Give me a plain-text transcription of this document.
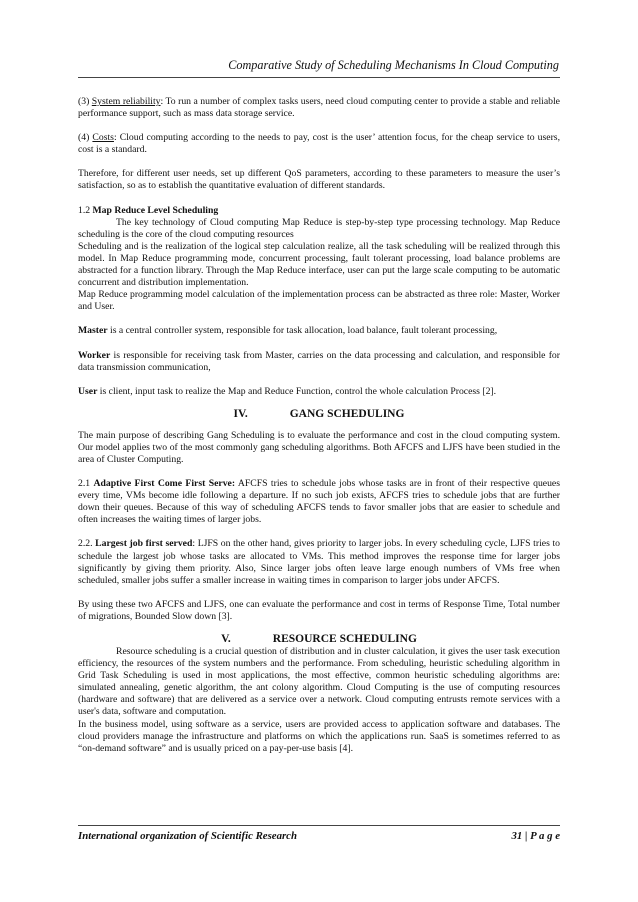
Comparative Study of Scheduling Mechanisms In Cloud Computing

(3) System reliability: To run a number of complex tasks users, need cloud computing center to provide a stable and reliable performance support, such as mass data storage service.

(4) Costs: Cloud computing according to the needs to pay, cost is the user’ attention focus, for the cheap service to users, cost is a standard.

Therefore, for different user needs, set up different QoS parameters, according to these parameters to measure the user’s satisfaction, so as to establish the quantitative evaluation of different standards.

1.2 Map Reduce Level Scheduling

The key technology of Cloud computing Map Reduce is step-by-step type processing technology. Map Reduce scheduling is the core of the cloud computing resources

Scheduling and is the realization of the logical step calculation realize, all the task scheduling will be realized through this model. In Map Reduce programming mode, concurrent processing, fault tolerant processing, load balance problems are abstracted for a function library. Through the Map Reduce interface, user can put the large scale computing to be automatic concurrent and distribution implementation.

Map Reduce programming model calculation of the implementation process can be abstracted as three role: Master, Worker and User.

Master is a central controller system, responsible for task allocation, load balance, fault tolerant processing,

Worker is responsible for receiving task from Master, carries on the data processing and calculation, and responsible for data transmission communication,

User is client, input task to realize the Map and Reduce Function, control the whole calculation Process [2].

IV.	GANG SCHEDULING

The main purpose of describing Gang Scheduling is to evaluate the performance and cost in the cloud computing system. Our model applies two of the most commonly gang scheduling algorithms. Both AFCFS and LJFS have been studied in the area of Cluster Computing.

2.1 Adaptive First Come First Serve: AFCFS tries to schedule jobs whose tasks are in front of their respective queues every time, VMs become idle following a departure. If no such job exists, AFCFS tries to schedule jobs that are further down their queues. Because of this way of scheduling AFCFS tends to favor smaller jobs that are easier to schedule and often increases the waiting times of larger jobs.

2.2. Largest job first served: LJFS on the other hand, gives priority to larger jobs. In every scheduling cycle, LJFS tries to schedule the largest job whose tasks are allocated to VMs. This method improves the response time for larger jobs significantly by giving them priority. Also, Since larger jobs often leave large enough numbers of VMs free when scheduled, smaller jobs suffer a smaller increase in waiting times in comparison to larger jobs under AFCFS.

By using these two AFCFS and LJFS, one can evaluate the performance and cost in terms of Response Time, Total number of migrations, Bounded Slow down [3].

V.	RESOURCE SCHEDULING

Resource scheduling is a crucial question of distribution and in cluster calculation, it gives the user task execution efficiency, the resources of the system numbers and the performance. From scheduling, heuristic scheduling algorithm in Grid Task Scheduling is used in most applications, the most effective, common heuristic scheduling algorithms are: simulated annealing, genetic algorithm, the ant colony algorithm. Cloud Computing is the use of computing resources (hardware and software) that are delivered as a service over a network. Cloud computing entrusts remote services with a user's data, software and computation.

In the business model, using software as a service, users are provided access to application software and databases. The cloud providers manage the infrastructure and platforms on which the applications run. SaaS is sometimes referred to as “on-demand software” and is usually priced on a pay-per-use basis [4].

International organization of Scientific Research	31 | P a g e
